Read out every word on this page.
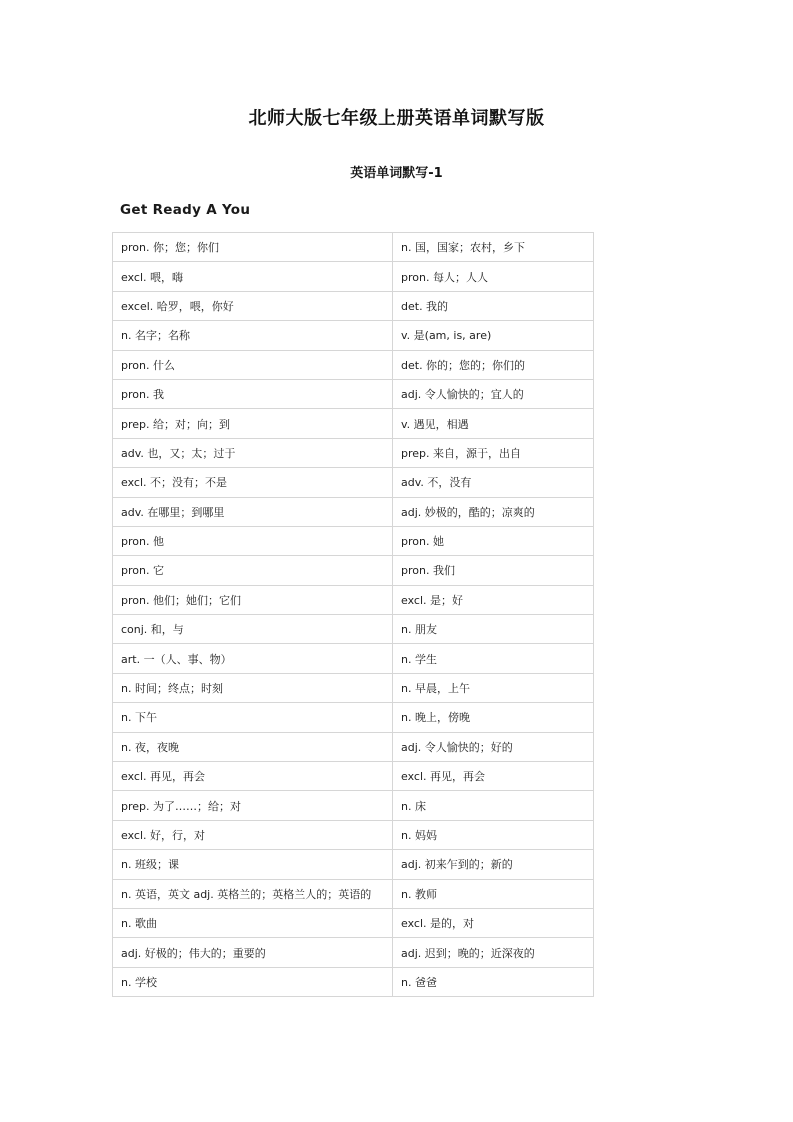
北师大版七年级上册英语单词默写版
英语单词默写-1
Get Ready A You
pron. 你；您；你们	n. 国，国家；农村，乡下
excl. 喂，嗨	pron. 每人；人人
excel. 哈罗，喂，你好	det. 我的
n. 名字；名称	v. 是(am, is, are)
pron. 什么	det. 你的；您的；你们的
pron. 我	adj. 令人愉快的；宜人的
prep. 给；对；向；到	v. 遇见，相遇
adv. 也，又；太；过于	prep. 来自，源于，出自
excl. 不；没有；不是	adv. 不，没有
adv. 在哪里；到哪里	adj. 妙极的，酷的；凉爽的
pron. 他	pron. 她
pron. 它	pron. 我们
pron. 他们；她们；它们	excl. 是；好
conj. 和，与	n. 朋友
art. 一（人、事、物）	n. 学生
n. 时间；终点；时刻	n. 早晨，上午
n. 下午	n. 晚上，傍晚
n. 夜，夜晚	adj. 令人愉快的；好的
excl. 再见，再会	excl. 再见，再会
prep. 为了……；给；对	n. 床
excl. 好，行，对	n. 妈妈
n. 班级；课	adj. 初来乍到的；新的
n. 英语，英文 adj. 英格兰的；英格兰人的；英语的	n. 教师
n. 歌曲	excl. 是的，对
adj. 好极的；伟大的；重要的	adj. 迟到；晚的；近深夜的
n. 学校	n. 爸爸
